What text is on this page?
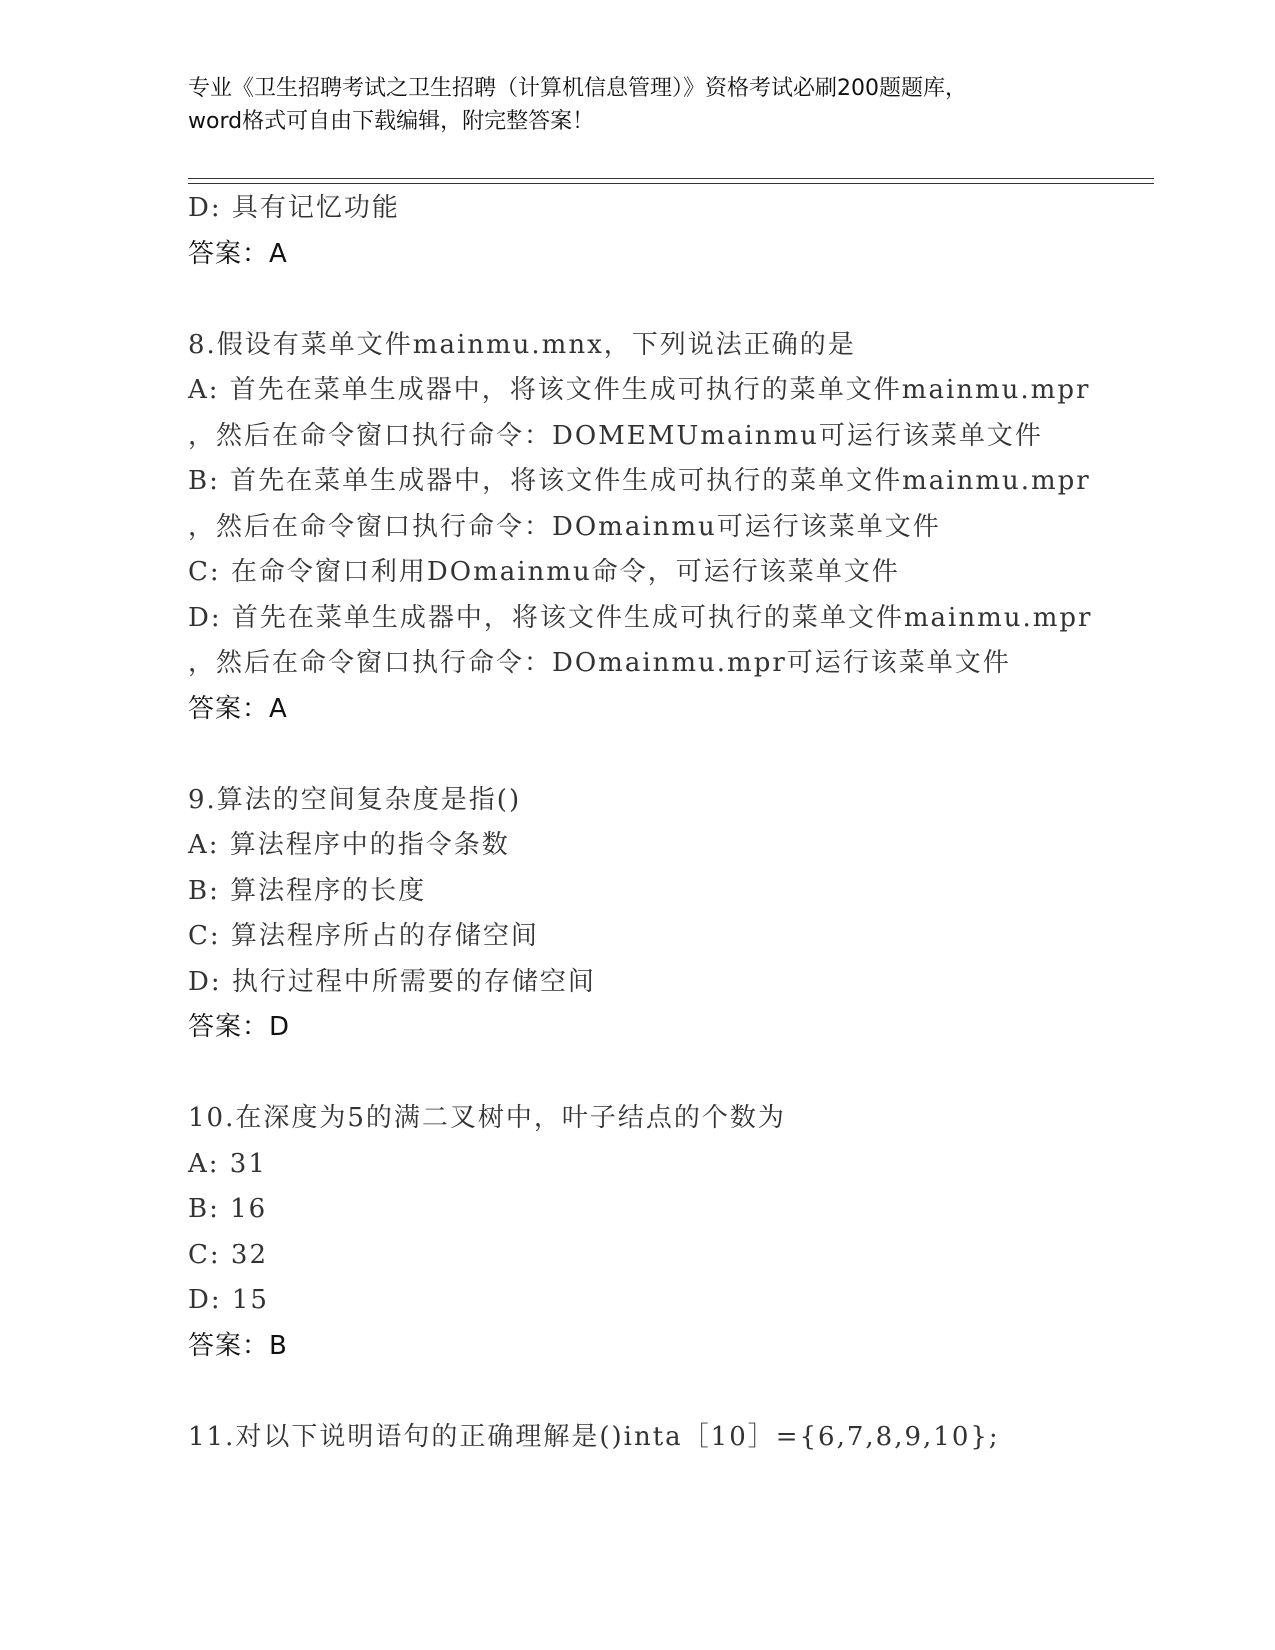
专业《卫生招聘考试之卫生招聘（计算机信息管理）》资格考试必刷200题题库，
word格式可自由下载编辑，附完整答案！
D: 具有记忆功能
答案：A
8.假设有菜单文件mainmu.mnx，下列说法正确的是
A: 首先在菜单生成器中，将该文件生成可执行的菜单文件mainmu.mpr
，然后在命令窗口执行命令：DOMEMUmainmu可运行该菜单文件
B: 首先在菜单生成器中，将该文件生成可执行的菜单文件mainmu.mpr
，然后在命令窗口执行命令：DOmainmu可运行该菜单文件
C: 在命令窗口利用DOmainmu命令，可运行该菜单文件
D: 首先在菜单生成器中，将该文件生成可执行的菜单文件mainmu.mpr
，然后在命令窗口执行命令：DOmainmu.mpr可运行该菜单文件
答案：A
9.算法的空间复杂度是指()
A: 算法程序中的指令条数
B: 算法程序的长度
C: 算法程序所占的存储空间
D: 执行过程中所需要的存储空间
答案：D
10.在深度为5的满二叉树中，叶子结点的个数为
A: 31
B: 16
C: 32
D: 15
答案：B
11.对以下说明语句的正确理解是()inta［10］={6,7,8,9,10};
